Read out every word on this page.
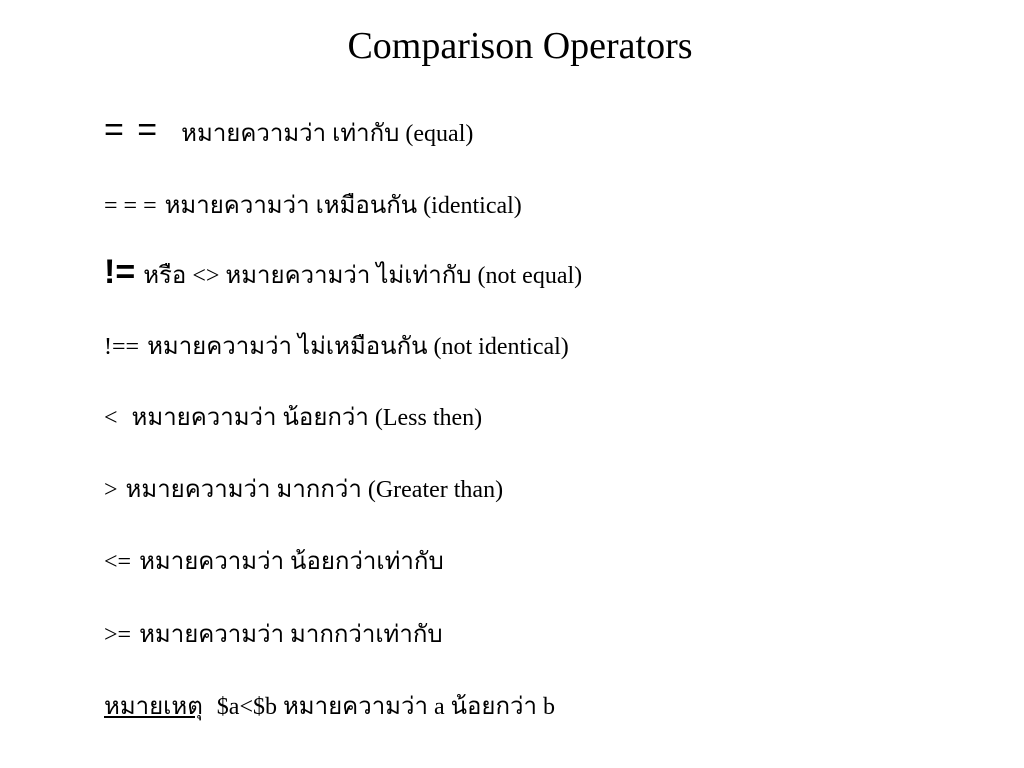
Comparison Operators
= = หมายความว่า เท่ากับ (equal)
= = = หมายความว่า เหมือนกัน (identical)
!= หรือ <> หมายความว่า ไม่เท่ากับ (not equal)
!== หมายความว่า ไม่เหมือนกัน (not identical)
< หมายความว่า น้อยกว่า (Less then)
> หมายความว่า มากกว่า (Greater than)
<= หมายความว่า น้อยกว่าเท่ากับ
>= หมายความว่า มากกว่าเท่ากับ
หมายเหตุ $a<$b หมายความว่า a น้อยกว่า b
